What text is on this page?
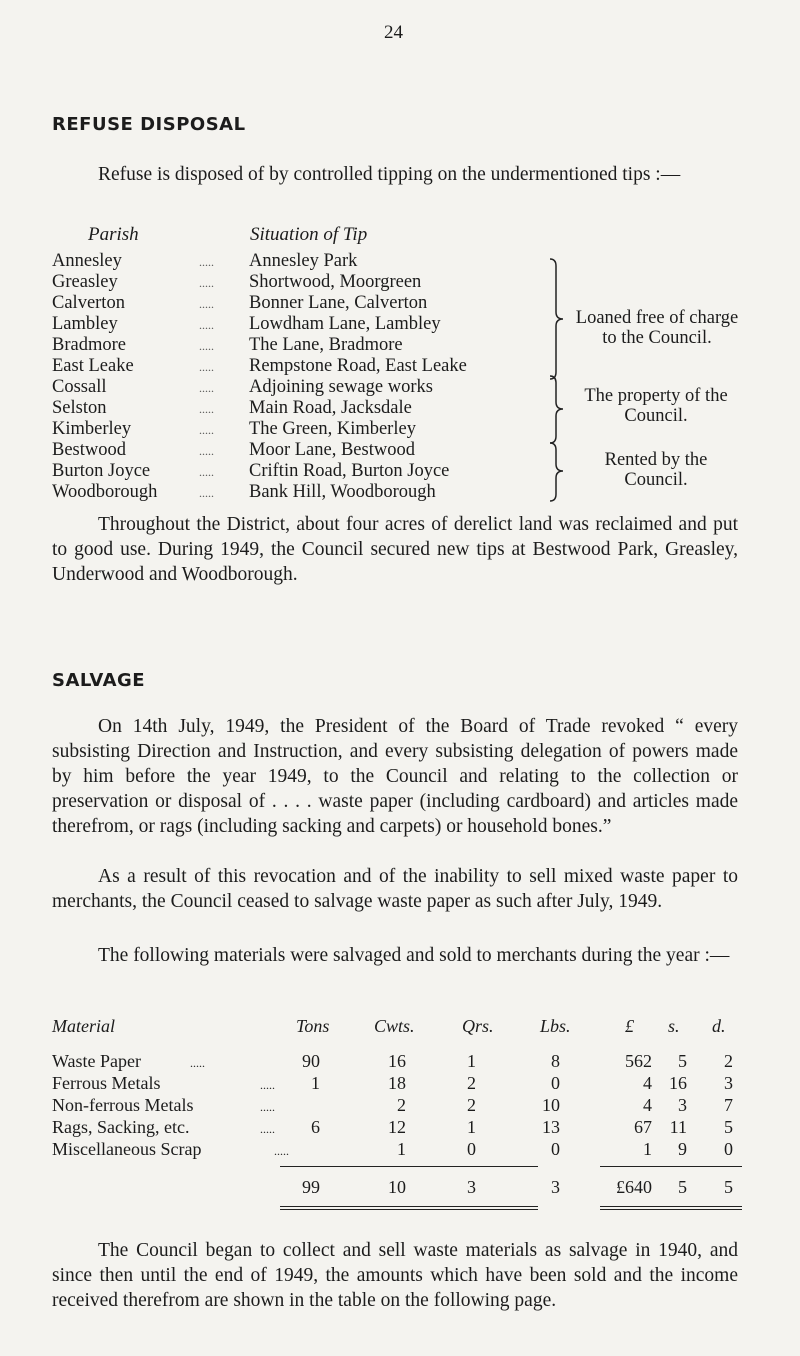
24
REFUSE DISPOSAL
Refuse is disposed of by controlled tipping on the undermentioned tips :—
Parish	Situation of Tip
Annesley	..... Annesley Park
Greasley	..... Shortwood, Moorgreen
Calverton	..... Bonner Lane, Calverton
Lambley	..... Lowdham Lane, Lambley
Bradmore	..... The Lane, Bradmore
East Leake	..... Rempstone Road, East Leake
Cossall	..... Adjoining sewage works
Selston	..... Main Road, Jacksdale
Kimberley	..... The Green, Kimberley
Bestwood	..... Moor Lane, Bestwood
Burton Joyce	..... Criftin Road, Burton Joyce
Woodborough	..... Bank Hill, Woodborough
Loaned free of charge to the Council.
The property of the Council.
Rented by the Council.
Throughout the District, about four acres of derelict land was reclaimed and put to good use. During 1949, the Council secured new tips at Bestwood Park, Greasley, Underwood and Woodborough.
SALVAGE
On 14th July, 1949, the President of the Board of Trade revoked “ every subsisting Direction and Instruction, and every subsisting delegation of powers made by him before the year 1949, to the Council and relating to the collection or preservation or disposal of . . . . waste paper (including cardboard) and articles made therefrom, or rags (including sacking and carpets) or household bones.”
As a result of this revocation and of the inability to sell mixed waste paper to merchants, the Council ceased to salvage waste paper as such after July, 1949.
The following materials were salvaged and sold to merchants during the year :—
Material	Tons Cwts.	Qrs.	Lbs.	£ s. d.
Waste Paper	.....	90	16	1	8	562 5 2
Ferrous Metals	..... 1	18	2	0	4 16 3
Non-ferrous Metals	.....	2	2	10	4 3 7
Rags, Sacking, etc.	..... 6	12	1	13	67 11 5
Miscellaneous Scrap	.....	1	0	0	1 9 0
99	10	3	3	£640 5 5
The Council began to collect and sell waste materials as salvage in 1940, and since then until the end of 1949, the amounts which have been sold and the income received therefrom are shown in the table on the following page.
